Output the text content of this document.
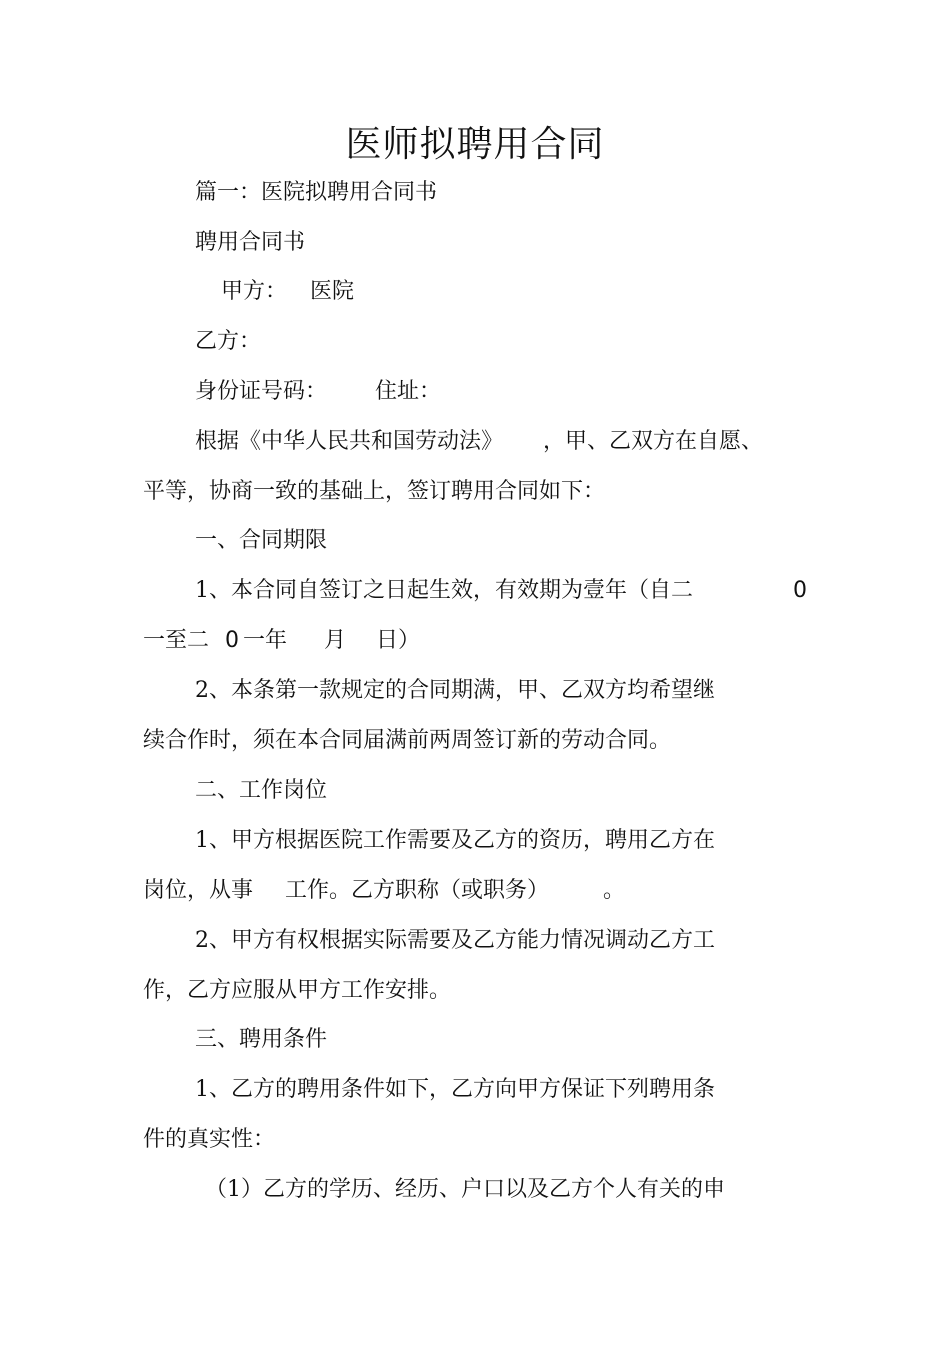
医师拟聘用合同
篇一：医院拟聘用合同书
聘用合同书
甲方： 医院
乙方：
身份证号码： 住址：
根据《中华人民共和国劳动法》 ，甲、乙双方在自愿、
平等，协商一致的基础上，签订聘用合同如下：
一、合同期限
1、本合同自签订之日起生效，有效期为壹年（自二	0
一至二 0 一年 月 日）
2、本条第一款规定的合同期满，甲、乙双方均希望继
续合作时，须在本合同届满前两周签订新的劳动合同。
二、工作岗位
1、甲方根据医院工作需要及乙方的资历，聘用乙方在
岗位，从事 工作。乙方职称（或职务） 。
2、甲方有权根据实际需要及乙方能力情况调动乙方工
作，乙方应服从甲方工作安排。
三、聘用条件
1、乙方的聘用条件如下，乙方向甲方保证下列聘用条
件的真实性：
（1）乙方的学历、经历、户口以及乙方个人有关的申
